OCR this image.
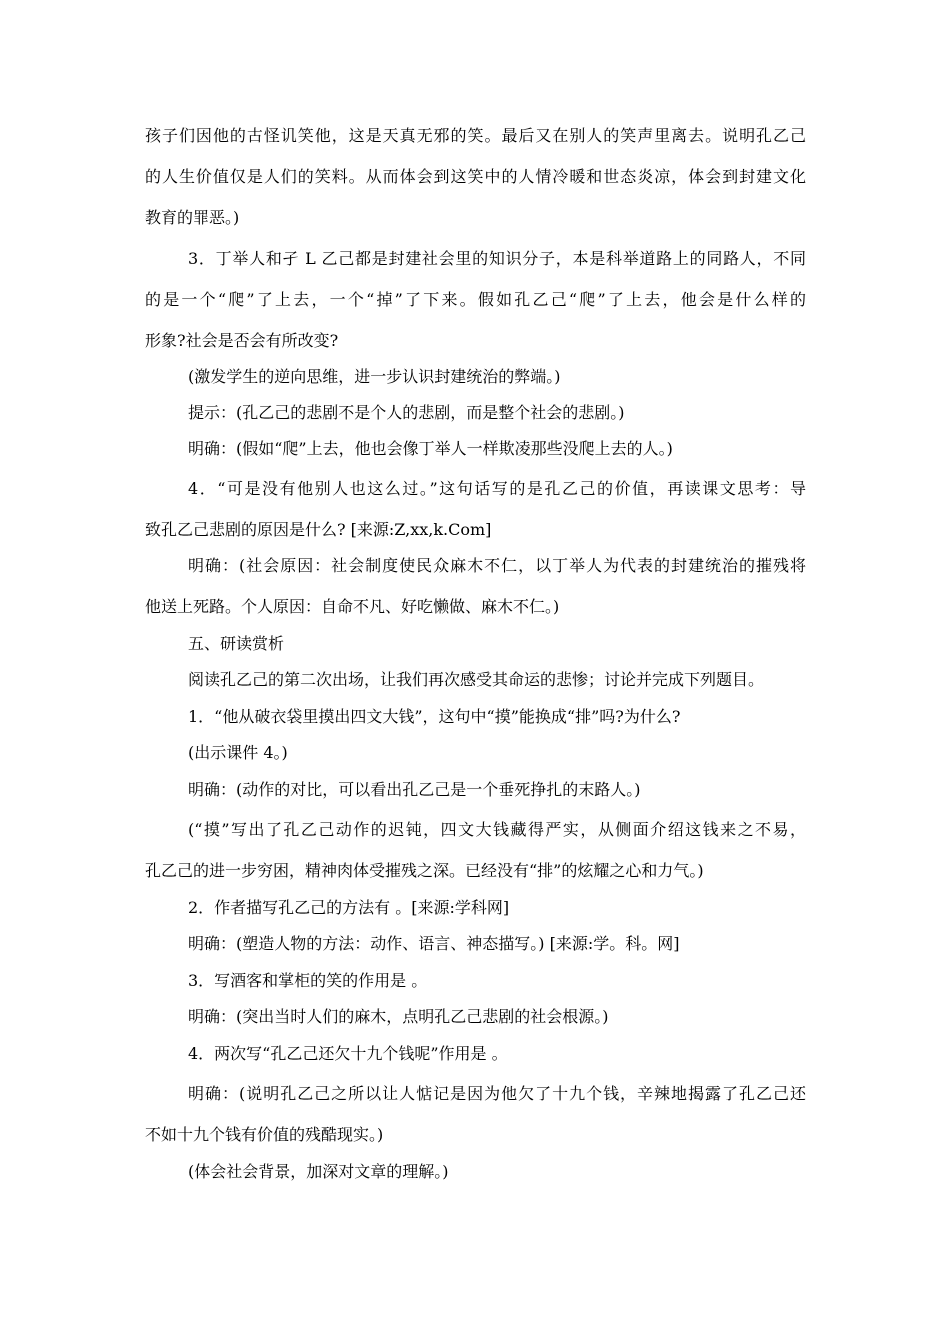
孩子们因他的古怪讥笑他，这是天真无邪的笑。最后又在别人的笑声里离去。说明孔乙己
的人生价值仅是人们的笑料。从而体会到这笑中的人情冷暖和世态炎凉，体会到封建文化
教育的罪恶。)
3．丁举人和孑 L 乙己都是封建社会里的知识分子，本是科举道路上的同路人，不同
的是一个“爬”了上去，一个“掉”了下来。假如孔乙己“爬”了上去，他会是什么样的
形象?社会是否会有所改变?
(激发学生的逆向思维，进一步认识封建统治的弊端。)
提示：(孔乙己的悲剧不是个人的悲剧，而是整个社会的悲剧。)
明确：(假如“爬”上去，他也会像丁举人一样欺凌那些没爬上去的人。)
4．“可是没有他别人也这么过。”这句话写的是孔乙己的价值，再读课文思考：导
致孔乙己悲剧的原因是什么? [来源:Z,xx,k.Com]
明确：(社会原因：社会制度使民众麻木不仁，以丁举人为代表的封建统治的摧残将
他送上死路。个人原因：自命不凡、好吃懒做、麻木不仁。)
五、研读赏析
阅读孔乙己的第二次出场，让我们再次感受其命运的悲惨；讨论并完成下列题目。
1．“他从破衣袋里摸出四文大钱”，这句中“摸”能换成“排”吗?为什么?
(出示课件 4。)
明确：(动作的对比，可以看出孔乙己是一个垂死挣扎的末路人。)
(“摸”写出了孔乙己动作的迟钝，四文大钱藏得严实，从侧面介绍这钱来之不易，
孔乙己的进一步穷困，精神肉体受摧残之深。已经没有“排”的炫耀之心和力气。)
2．作者描写孔乙己的方法有 。[来源:学科网]
明确：(塑造人物的方法：动作、语言、神态描写。) [来源:学。科。网]
3．写酒客和掌柜的笑的作用是 。
明确：(突出当时人们的麻木，点明孔乙己悲剧的社会根源。)
4．两次写“孔乙己还欠十九个钱呢”作用是 。
明确：(说明孔乙己之所以让人惦记是因为他欠了十九个钱，辛辣地揭露了孔乙己还
不如十九个钱有价值的残酷现实。)
(体会社会背景，加深对文章的理解。)
